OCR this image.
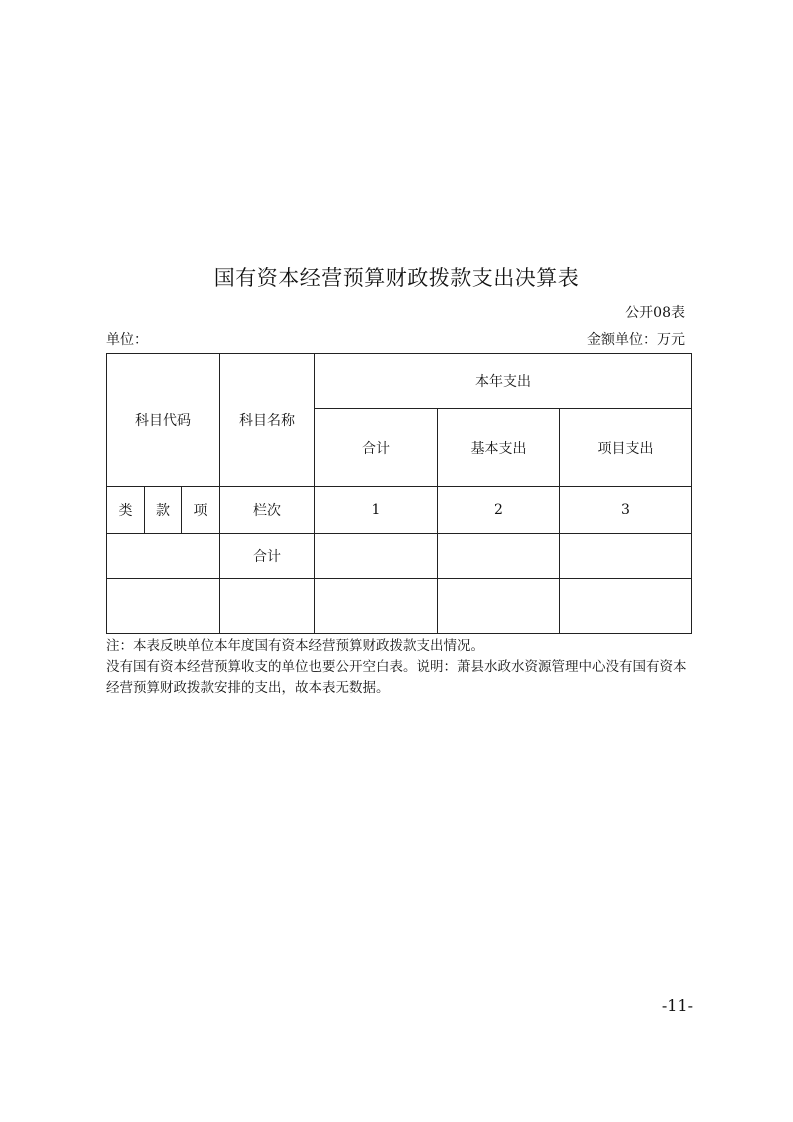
国有资本经营预算财政拨款支出决算表
公开08表
单位：	金额单位：万元
科目代码			科目名称	本年支出		
				合计	基本支出	项目支出
类	款	项	栏次	1	2	3
			合计			

注：本表反映单位本年度国有资本经营预算财政拨款支出情况。

没有国有资本经营预算收支的单位也要公开空白表。说明：萧县水政水资源管理中心没有国有资本经营预算财政拨款安排的支出，故本表无数据。

-11-
